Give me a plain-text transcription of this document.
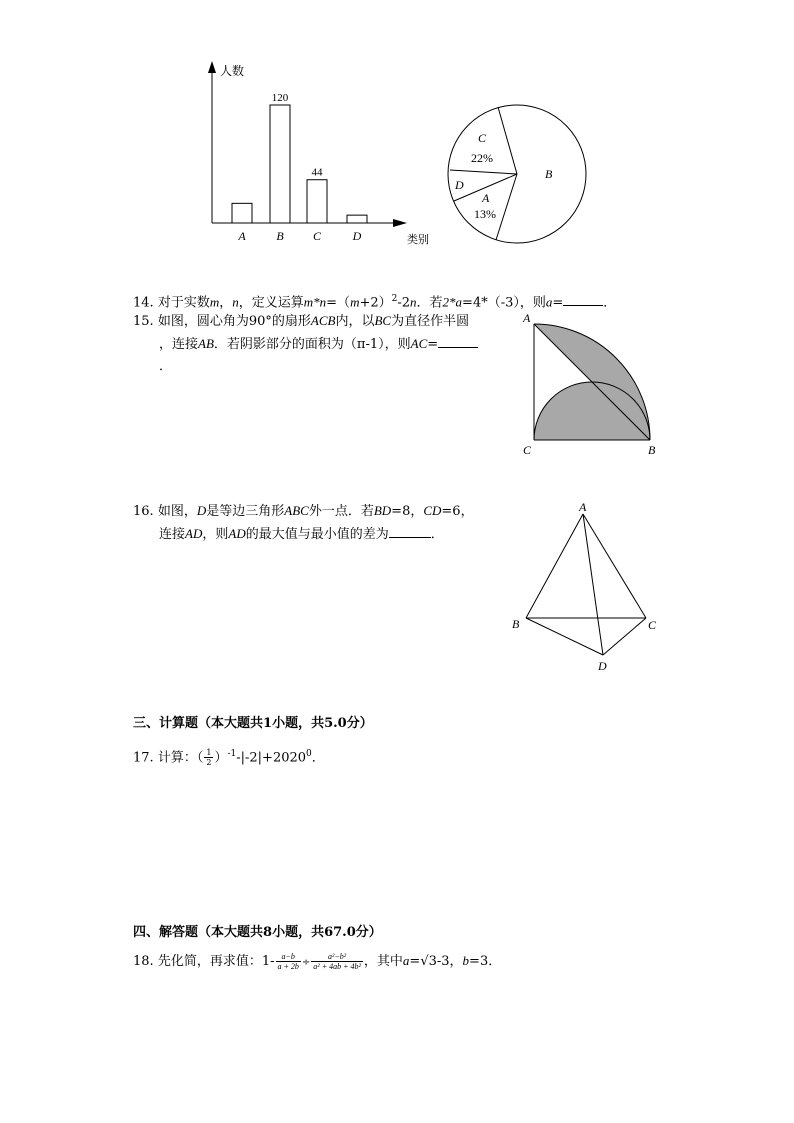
人数
类别
A	B
120
C
44
D
B
C
22%
D
A
13%
14. 对于实数m，n，定义运算$m*n=(m+2)^2-2n$．若2*a=4*（-3），则a=	．
15. 如图，圆心角为90°的扇形ACB内，以BC为直径作半圆
，连接AB．若阴影部分的面积为（π-1），则AC=
．
A
C	B
16. 如图，D是等边三角形ABC外一点．若BD=8，CD=6，
连接AD，则AD的最大值与最小值的差为	．
A
B	C
D
三、计算题（本大题共1小题，共5.0分）
17. 计算：（ $\frac{1}{2} )^{-1}-|-2|+2020^0$．
四、解答题（本大题共8小题，共67.0分）
18. 先化简，再求值：$1- \frac{a-b}{a + 2b} \div \frac{\text{a²−b²}}{\text{a² + 4ab + 4b²}}$ ，其中a=√3-3，b=3．
